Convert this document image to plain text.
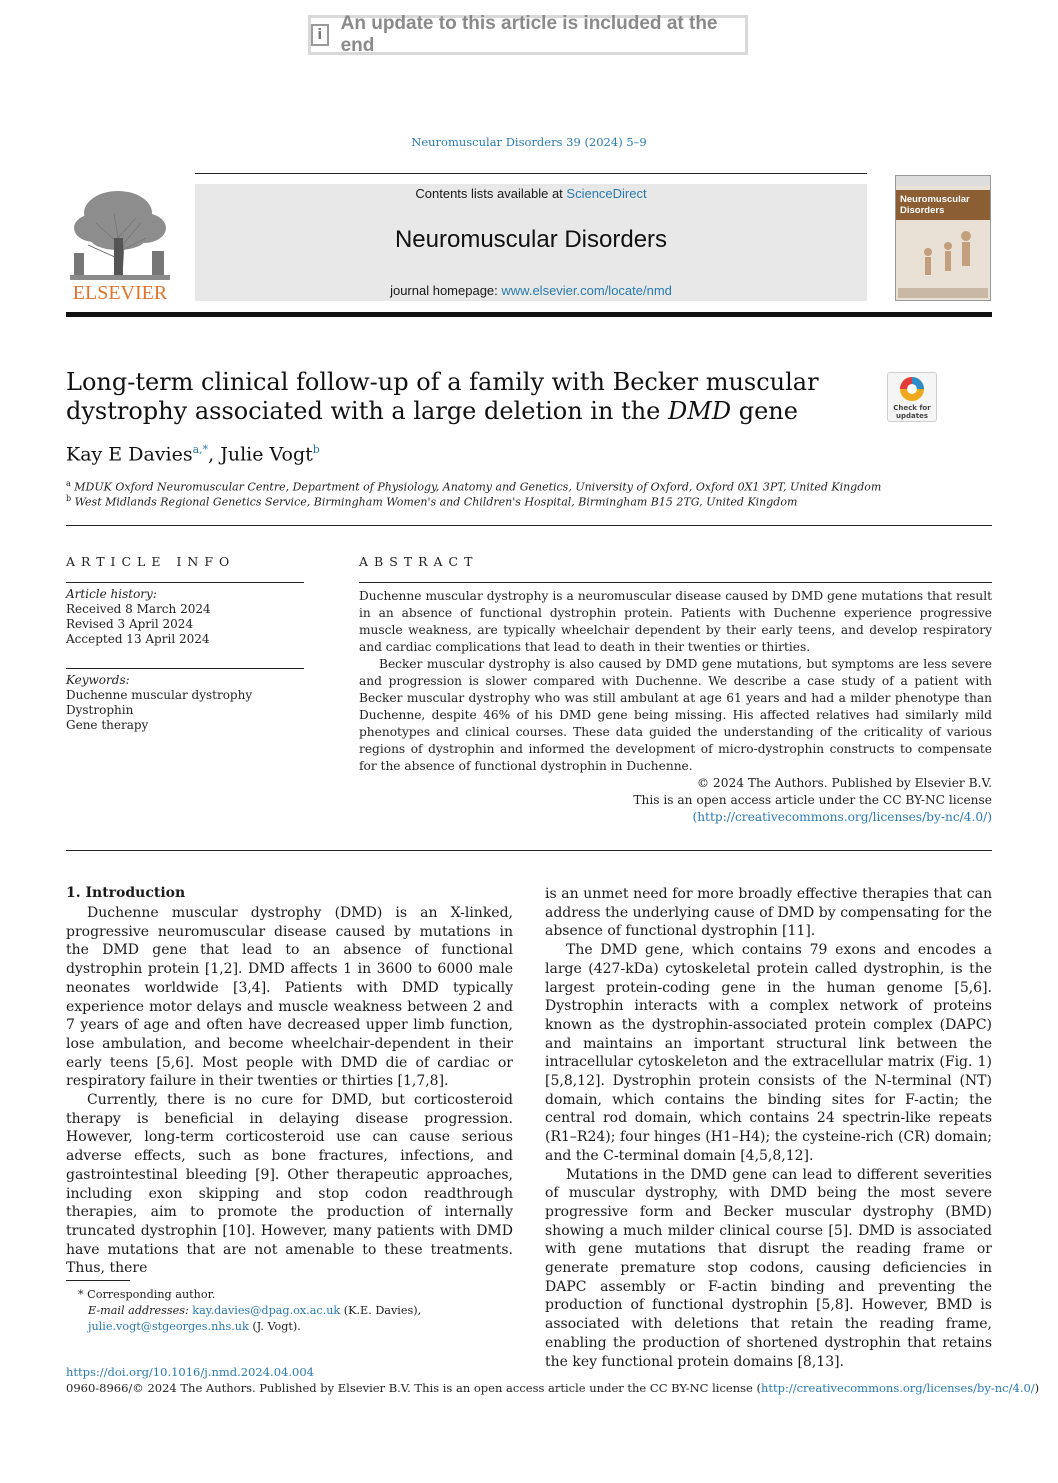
i
An update to this article is included at the end
Neuromuscular Disorders 39 (2024) 5–9
Contents lists available at ScienceDirect
Neuromuscular Disorders
journal homepage: www.elsevier.com/locate/nmd
ELSEVIER
Neuromuscular Disorders
Long-term clinical follow-up of a family with Becker muscular dystrophy associated with a large deletion in the DMD gene	Check for
updates
Kay E Davies$^{a,*}$, Julie Vogt$^b$
$^a$ MDUK Oxford Neuromuscular Centre, Department of Physiology, Anatomy and Genetics, University of Oxford, Oxford 0X1 3PT, United Kingdom
$^b$ West Midlands Regional Genetics Service, Birmingham Women's and Children's Hospital, Birmingham B15 2TG, United Kingdom
ARTICLE INFO
Article history:
Received 8 March 2024
Revised 3 April 2024
Accepted 13 April 2024
Keywords:
Duchenne muscular dystrophy
Dystrophin
Gene therapy
ABSTRACT

Duchenne muscular dystrophy is a neuromuscular disease caused by DMD gene mutations that result in an absence of functional dystrophin protein. Patients with Duchenne experience progressive muscle weakness, are typically wheelchair dependent by their early teens, and develop respiratory and cardiac complications that lead to death in their twenties or thirties.

Becker muscular dystrophy is also caused by DMD gene mutations, but symptoms are less severe and progression is slower compared with Duchenne. We describe a case study of a patient with Becker muscular dystrophy who was still ambulant at age 61 years and had a milder phenotype than Duchenne, despite 46% of his DMD gene being missing. His affected relatives had similarly mild phenotypes and clinical courses. These data guided the understanding of the criticality of various regions of dystrophin and informed the development of micro-dystrophin constructs to compensate for the absence of functional dystrophin in Duchenne.

© 2024 The Authors. Published by Elsevier B.V.
This is an open access article under the CC BY-NC license
(http://creativecommons.org/licenses/by-nc/4.0/)
1. Introduction

Duchenne muscular dystrophy (DMD) is an X-linked, progressive neuromuscular disease caused by mutations in the DMD gene that lead to an absence of functional dystrophin protein [1,2]. DMD affects 1 in 3600 to 6000 male neonates worldwide [3,4]. Patients with DMD typically experience motor delays and muscle weakness between 2 and 7 years of age and often have decreased upper limb function, lose ambulation, and become wheelchair-dependent in their early teens [5,6]. Most people with DMD die of cardiac or respiratory failure in their twenties or thirties [1,7,8].

Currently, there is no cure for DMD, but corticosteroid therapy is beneficial in delaying disease progression. However, long-term corticosteroid use can cause serious adverse effects, such as bone fractures, infections, and gastrointestinal bleeding [9]. Other therapeutic approaches, including exon skipping and stop codon readthrough therapies, aim to promote the production of internally truncated dystrophin [10]. However, many patients with DMD have mutations that are not amenable to these treatments. Thus, there

is an unmet need for more broadly effective therapies that can address the underlying cause of DMD by compensating for the absence of functional dystrophin [11].

The DMD gene, which contains 79 exons and encodes a large (427-kDa) cytoskeletal protein called dystrophin, is the largest protein-coding gene in the human genome [5,6]. Dystrophin interacts with a complex network of proteins known as the dystrophin-associated protein complex (DAPC) and maintains an important structural link between the intracellular cytoskeleton and the extracellular matrix (Fig. 1) [5,8,12]. Dystrophin protein consists of the N-terminal (NT) domain, which contains the binding sites for F-actin; the central rod domain, which contains 24 spectrin-like repeats (R1–R24); four hinges (H1–H4); the cysteine-rich (CR) domain; and the C-terminal domain [4,5,8,12].

Mutations in the DMD gene can lead to different severities of muscular dystrophy, with DMD being the most severe progressive form and Becker muscular dystrophy (BMD) showing a much milder clinical course [5]. DMD is associated with gene mutations that disrupt the reading frame or generate premature stop codons, causing deficiencies in DAPC assembly or F-actin binding and preventing the production of functional dystrophin [5,8]. However, BMD is associated with deletions that retain the reading frame, enabling the production of shortened dystrophin that retains the key functional protein domains [8,13].

* Corresponding author.
E-mail addresses: kay.davies@dpag.ox.ac.uk (K.E. Davies), julie.vogt@stgeorges.nhs.uk (J. Vogt).
https://doi.org/10.1016/j.nmd.2024.04.004
0960-8966/© 2024 The Authors. Published by Elsevier B.V. This is an open access article under the CC BY-NC license (http://creativecommons.org/licenses/by-nc/4.0/)
